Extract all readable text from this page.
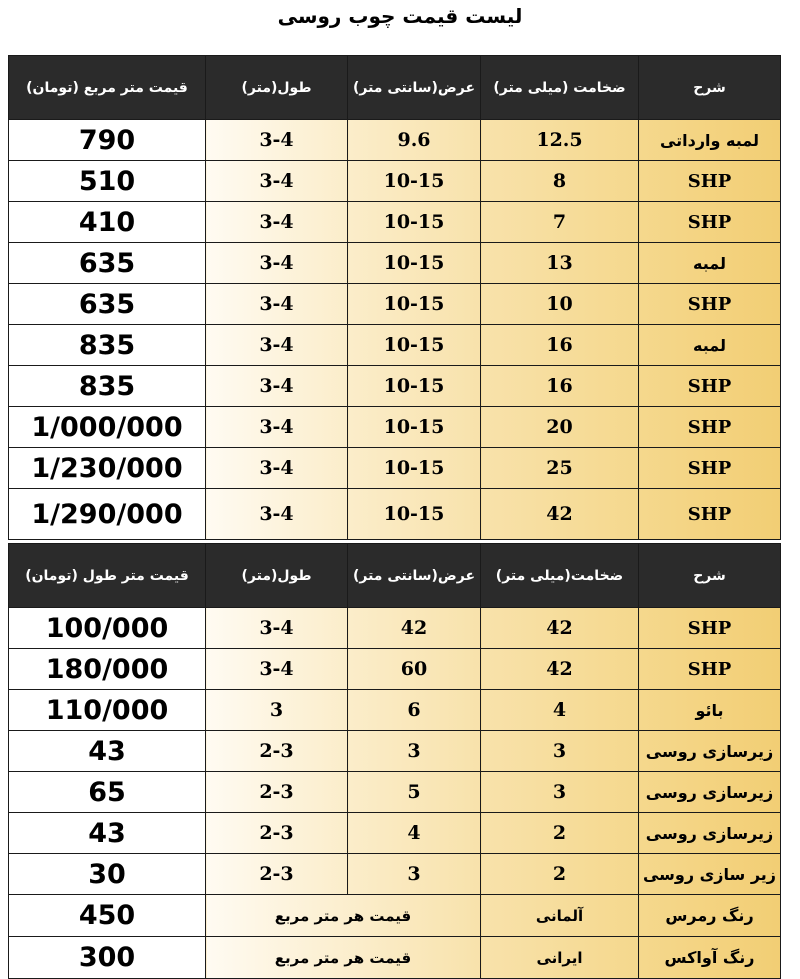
لیست قیمت چوب روسی
قیمت متر مربع (تومان)	طول(متر)	عرض(سانتی متر)	ضخامت (میلی متر)	شرح
790	3-4	9.6	12.5	لمبه وارداتی
510	3-4	10-15	8	SHP
410	3-4	10-15	7	SHP
635	3-4	10-15	13	لمبه
635	3-4	10-15	10	SHP
835	3-4	10-15	16	لمبه
835	3-4	10-15	16	SHP
1/000/000	3-4	10-15	20	SHP
1/230/000	3-4	10-15	25	SHP
1/290/000	3-4	10-15	42	SHP
قیمت متر طول (تومان)	طول(متر)	عرض(سانتی متر)	ضخامت(میلی متر)	شرح
100/000	3-4	42	42	SHP
180/000	3-4	60	42	SHP
110/000	3	6	4	بائو
43	2-3	3	3	زیرسازی روسی
65	2-3	5	3	زیرسازی روسی
43	2-3	4	2	زیرسازی روسی
30	2-3	3	2	زیر سازی روسی
450	قیمت هر متر مربع		آلمانی	رنگ رمرس
300	قیمت هر متر مربع		ایرانی	رنگ آواکس
